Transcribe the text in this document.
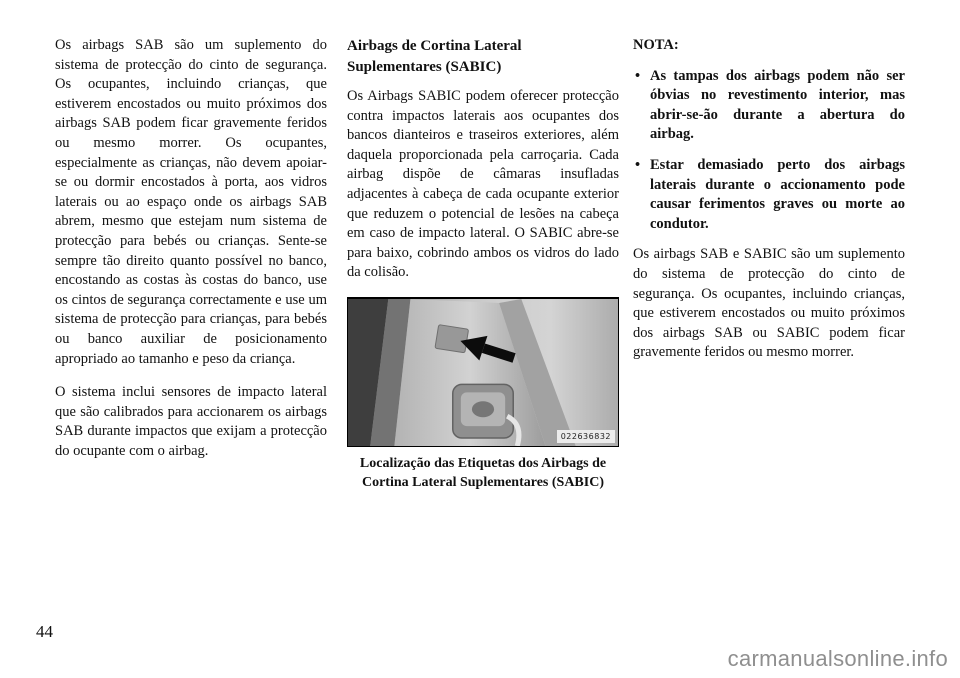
Os airbags SAB são um suplemento do sistema de protecção do cinto de segurança. Os ocupantes, incluindo crianças, que estiverem encostados ou muito próximos dos airbags SAB podem ficar gravemente feridos ou mesmo morrer. Os ocupantes, especialmente as crianças, não devem apoiar-se ou dormir encostados à porta, aos vidros laterais ou ao espaço onde os airbags SAB abrem, mesmo que estejam num sistema de protecção para bebés ou crianças. Sente-se sempre tão direito quanto possível no banco, encostando as costas às costas do banco, use os cintos de segurança correctamente e use um sistema de protecção para crianças, para bebés ou banco auxiliar de posicionamento apropriado ao tamanho e peso da criança.

O sistema inclui sensores de impacto lateral que são calibrados para accionarem os airbags SAB durante impactos que exijam a protecção do ocupante com o airbag.

Airbags de Cortina Lateral Suplementares (SABIC)

Os Airbags SABIC podem oferecer protecção contra impactos laterais aos ocupantes dos bancos dianteiros e traseiros exteriores, além daquela proporcionada pela carroçaria. Cada airbag dispõe de câmaras insufladas adjacentes à cabeça de cada ocupante exterior que reduzem o potencial de lesões na cabeça em caso de impacto lateral. O SABIC abre-se para baixo, cobrindo ambos os vidros do lado da colisão.

022636832
Localização das Etiquetas dos Airbags de Cortina Lateral Suplementares (SABIC)
NOTA:
• As tampas dos airbags podem não ser óbvias no revestimento interior, mas abrir-se-ão durante a abertura do airbag.
• Estar demasiado perto dos airbags laterais durante o accionamento pode causar ferimentos graves ou morte ao condutor.

Os airbags SAB e SABIC são um suplemento do sistema de protecção do cinto de segurança. Os ocupantes, incluindo crianças, que estiverem encostados ou muito próximos dos airbags SAB ou SABIC podem ficar gravemente feridos ou mesmo morrer.

44
carmanualsonline.info
